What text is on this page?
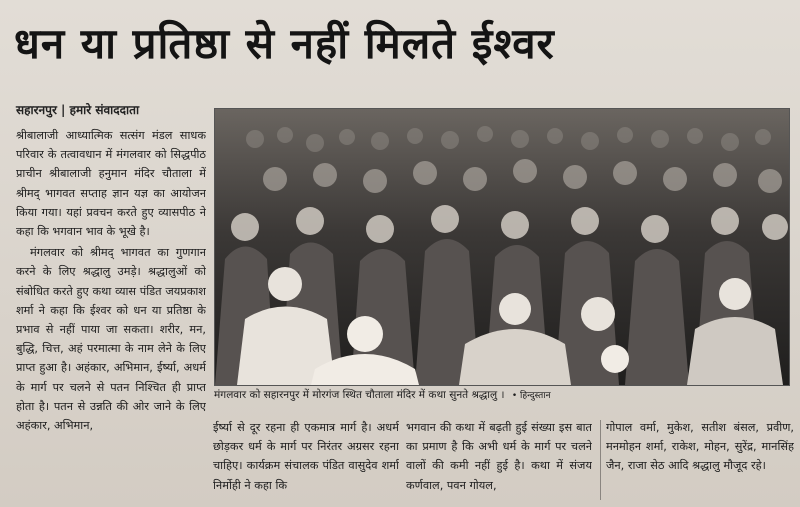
धन या प्रतिष्ठा से नहीं मिलते ईश्वर
सहारनपुर | हमारे संवाददाता

श्रीबालाजी आध्यात्मिक सत्संग मंडल साधक परिवार के तत्वावधान में मंगलवार को सिद्धपीठ प्राचीन श्रीबालाजी हनुमान मंदिर चौताला में श्रीमद् भागवत सप्ताह ज्ञान यज्ञ का आयोजन किया गया। यहां प्रवचन करते हुए व्यासपीठ ने कहा कि भगवान भाव के भूखे है।

मंगलवार को श्रीमद् भागवत का गुणगान करने के लिए श्रद्धालु उमड़े। श्रद्धालुओं को संबोधित करते हुए कथा व्यास पंडित जयप्रकाश शर्मा ने कहा कि ईश्वर को धन या प्रतिष्ठा के प्रभाव से नहीं पाया जा सकता। शरीर, मन, बुद्धि, चित्त, अहं परमात्मा के नाम लेने के लिए प्राप्त हुआ है। अहंकार, अभिमान, ईर्ष्या, अधर्म के मार्ग पर चलने से पतन निश्चित ही प्राप्त होता है। पतन से उन्नति की ओर जाने के लिए अहंकार, अभिमान,

मंगलवार को सहारनपुर में मोरगंज स्थित चौताला मंदिर में कथा सुनते श्रद्धालु । • हिन्दुस्तान
ईर्ष्या से दूर रहना ही एकमात्र मार्ग है। अधर्म छोड़कर धर्म के मार्ग पर निरंतर अग्रसर रहना चाहिए। कार्यक्रम संचालक पंडित वासुदेव शर्मा निर्मोही ने कहा कि
भगवान की कथा में बढ़ती हुई संख्या इस बात का प्रमाण है कि अभी धर्म के मार्ग पर चलने वालों की कमी नहीं हुई है। कथा में संजय कर्णवाल, पवन गोयल,
गोपाल वर्मा, मुकेश, सतीश बंसल, प्रवीण, मनमोहन शर्मा, राकेश, मोहन, सुरेंद्र, मानसिंह जैन, राजा सेठ आदि श्रद्धालु मौजूद रहे।
